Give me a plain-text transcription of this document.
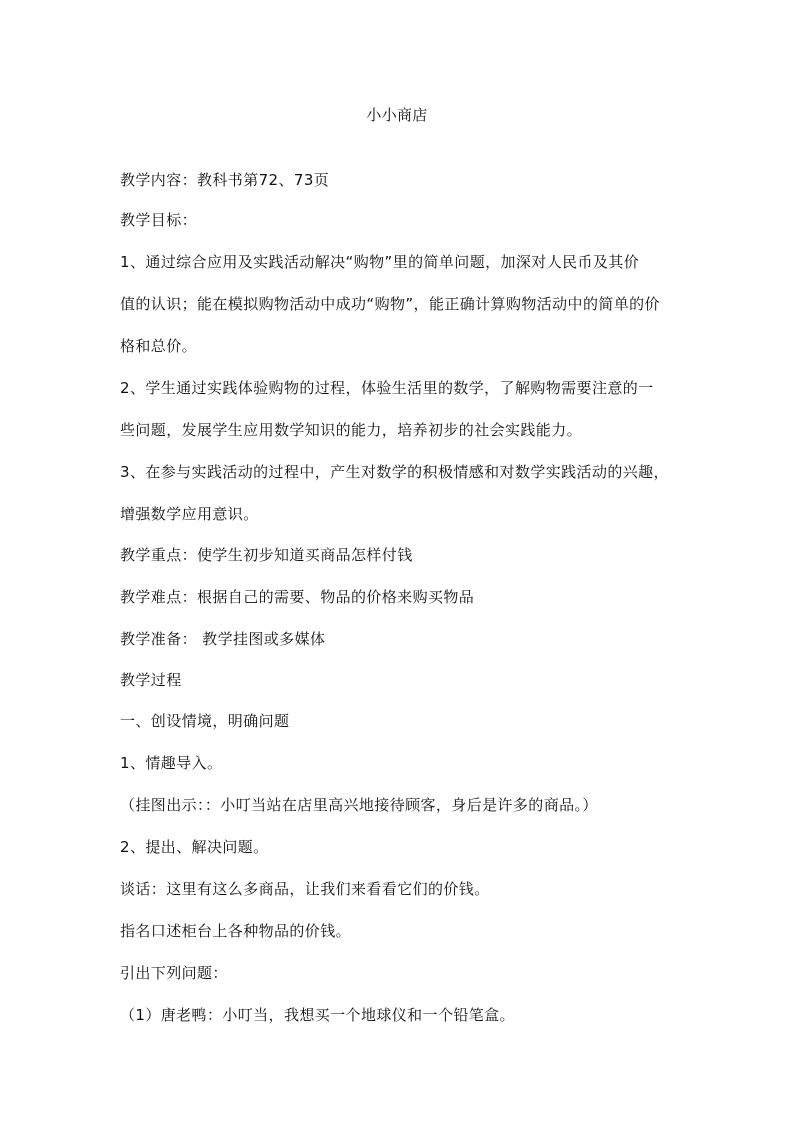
小小商店
教学内容：教科书第72、73页
教学目标：
1、通过综合应用及实践活动解决“购物”里的简单问题，加深对人民币及其价
值的认识；能在模拟购物活动中成功“购物”，能正确计算购物活动中的简单的价
格和总价。
2、学生通过实践体验购物的过程，体验生活里的数学，了解购物需要注意的一
些问题，发展学生应用数学知识的能力，培养初步的社会实践能力。
3、在参与实践活动的过程中，产生对数学的积极情感和对数学实践活动的兴趣，
增强数学应用意识。
教学重点：使学生初步知道买商品怎样付钱
教学难点：根据自己的需要、物品的价格来购买物品
教学准备： 教学挂图或多媒体
教学过程
一、创设情境，明确问题
1、情趣导入。
（挂图出示：：小叮当站在店里高兴地接待顾客，身后是许多的商品。）
2、提出、解决问题。
谈话：这里有这么多商品，让我们来看看它们的价钱。
指名口述柜台上各种物品的价钱。
引出下列问题：
（1）唐老鸭：小叮当，我想买一个地球仪和一个铅笔盒。
